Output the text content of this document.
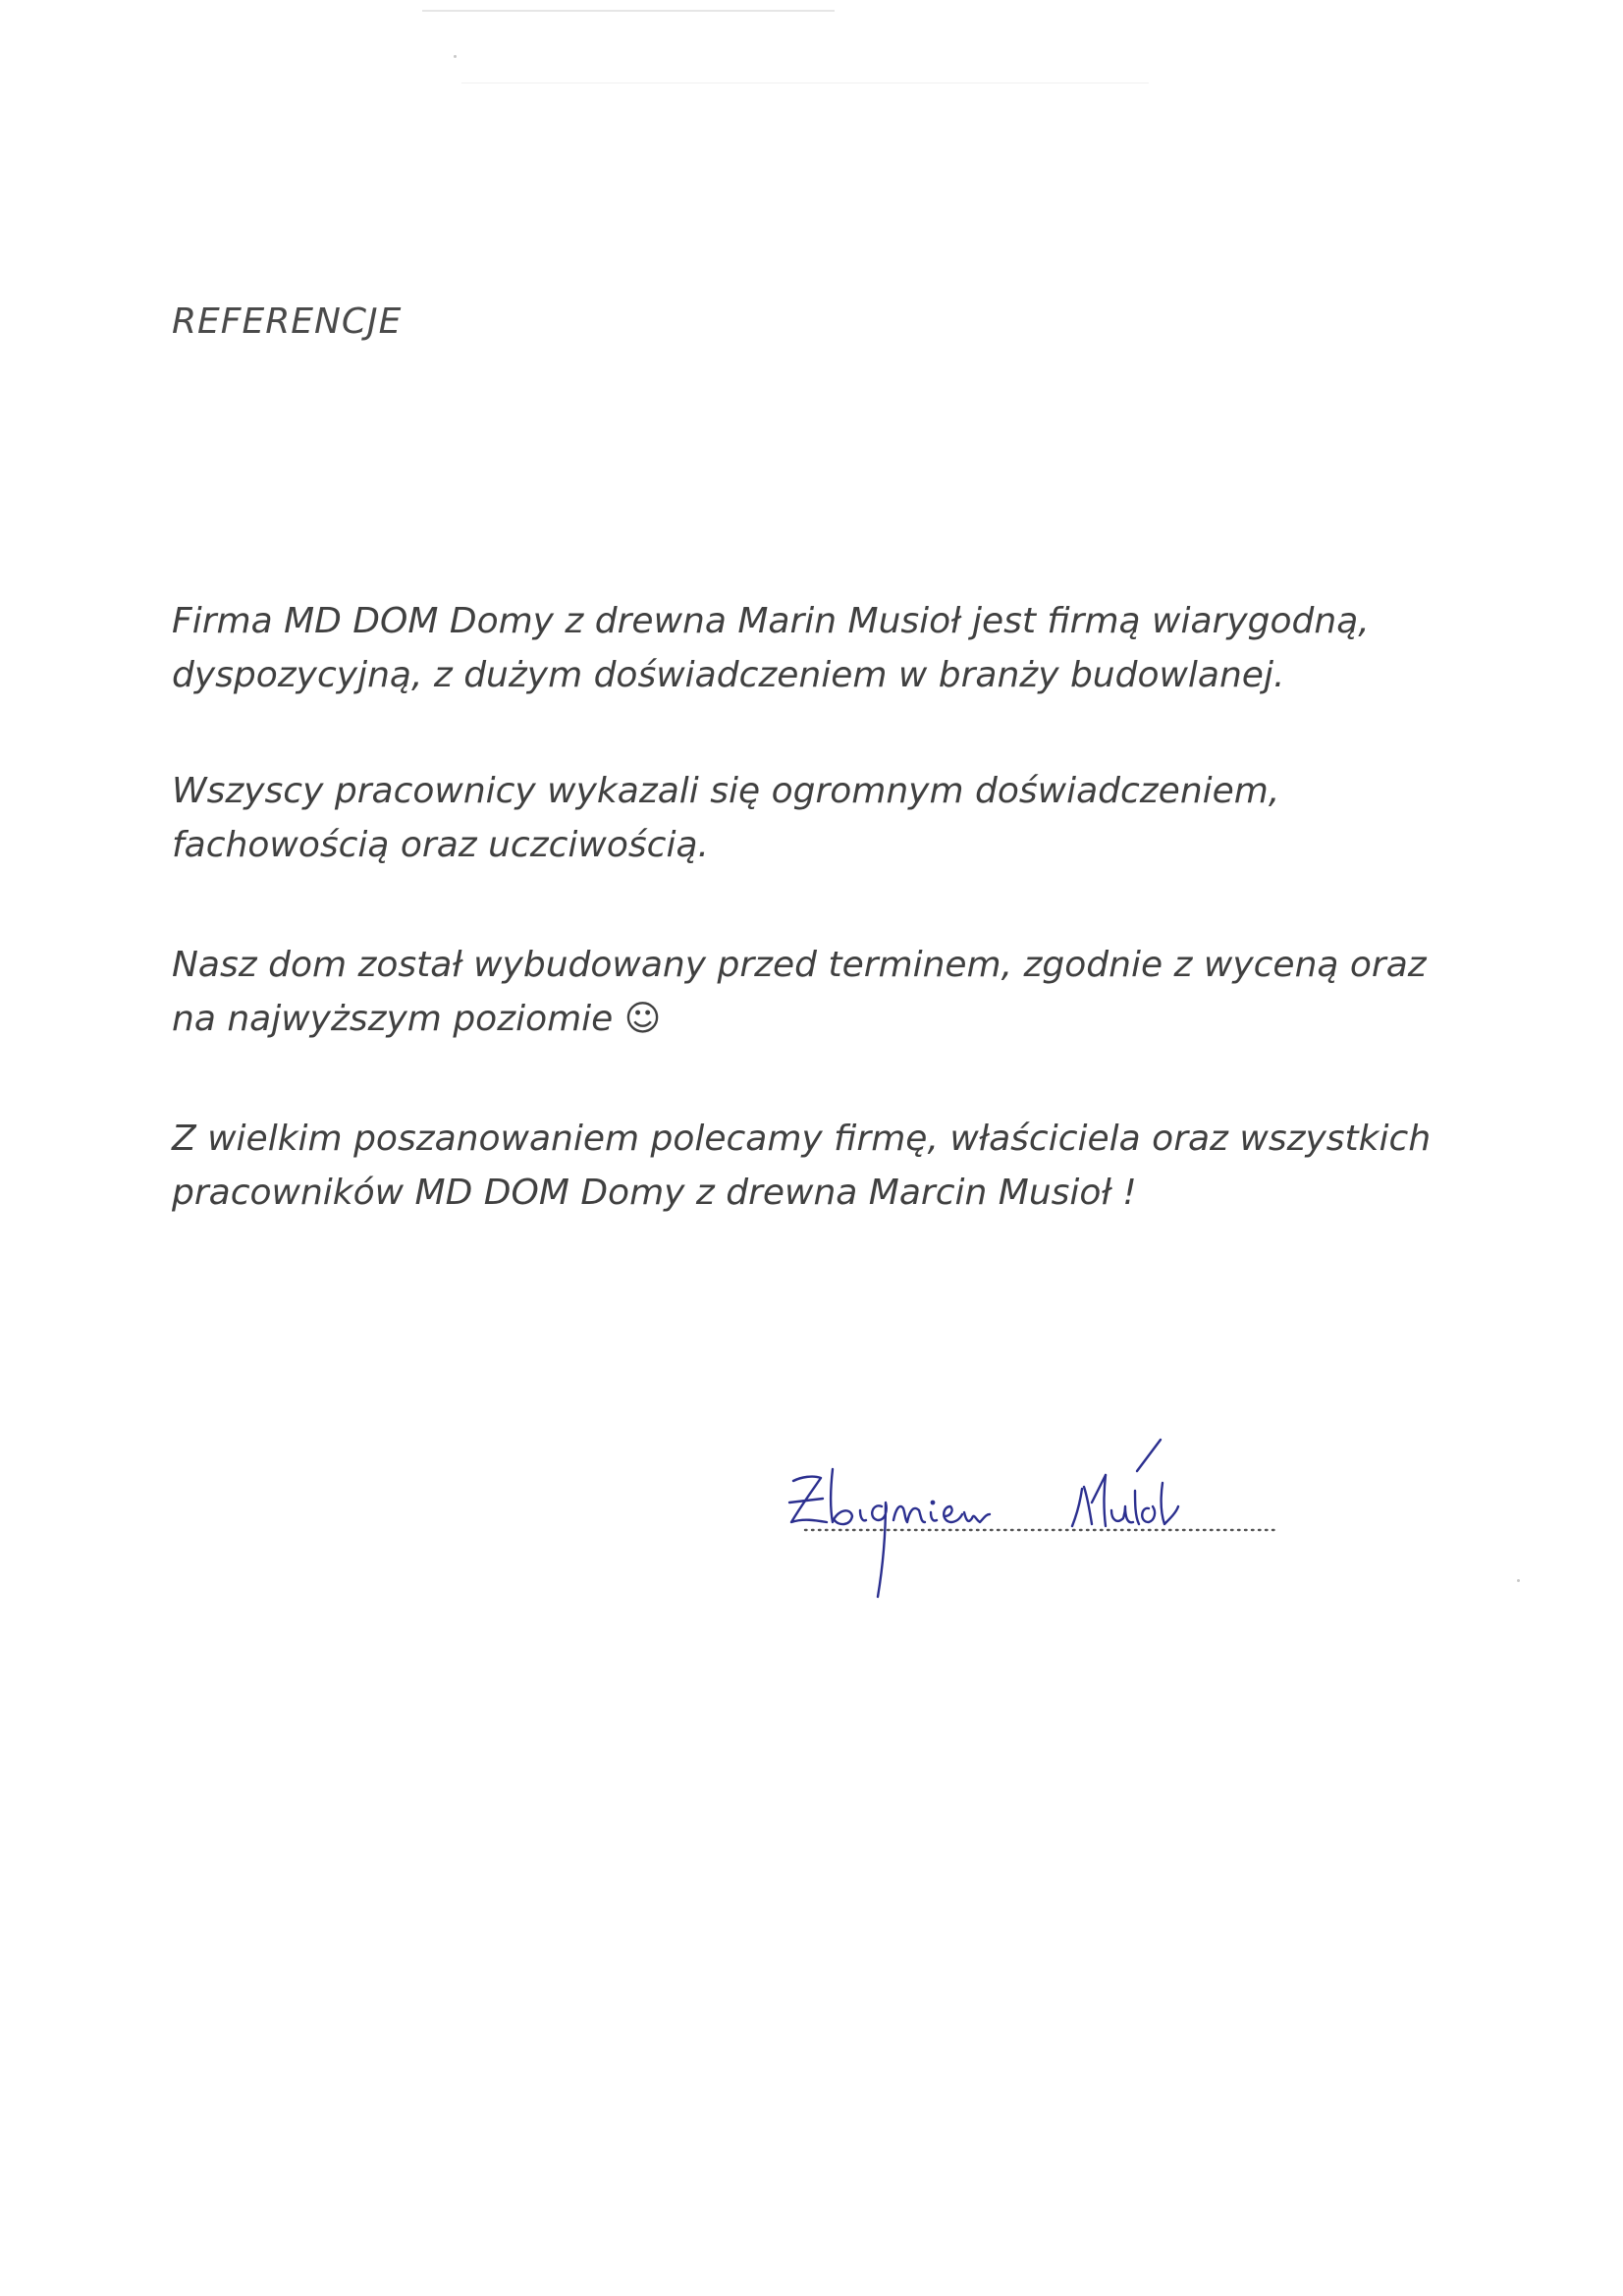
REFERENCJE
Firma MD DOM Domy z drewna Marin Musioł jest firmą wiarygodną,
dyspozycyjną, z dużym doświadczeniem w branży budowlanej.
Wszyscy pracownicy wykazali się ogromnym doświadczeniem,
fachowością oraz uczciwością.
Nasz dom został wybudowany przed terminem, zgodnie z wyceną oraz
na najwyższym poziomie ☺
Z wielkim poszanowaniem polecamy firmę, właściciela oraz wszystkich
pracowników MD DOM Domy z drewna Marcin Musioł !
